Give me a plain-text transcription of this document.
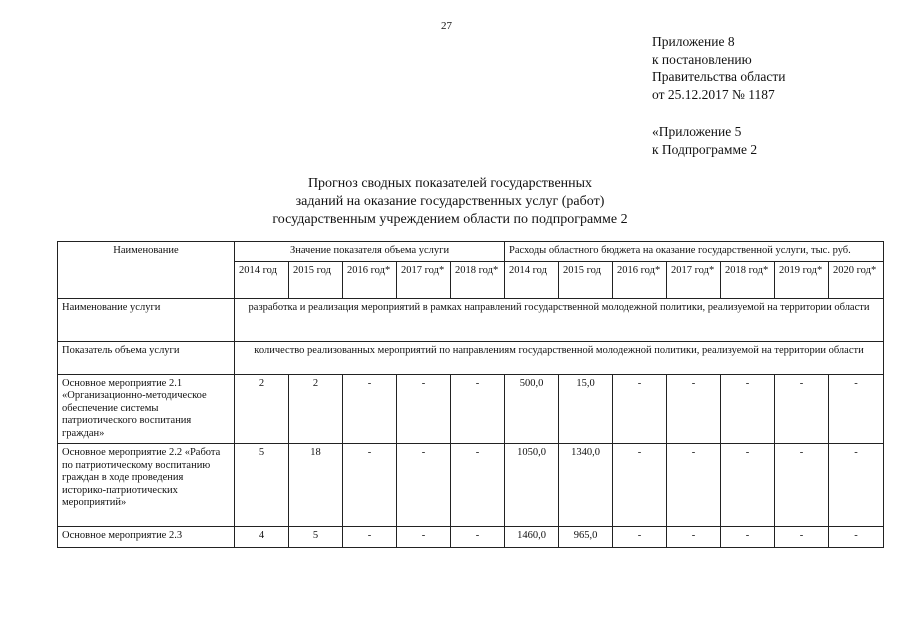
27
Приложение 8
к постановлению
Правительства области
от 25.12.2017 № 1187
«Приложение 5
к Подпрограмме 2
Прогноз сводных показателей государственных
заданий на оказание государственных услуг (работ)
государственным учреждением области по подпрограмме 2
Наименование	Значение показателя объема услуги					Расходы областного бюджета на оказание государственной услуги, тыс. руб.						
	2014 год	2015 год	2016 год*	2017 год*	2018 год*	2014 год	2015 год	2016 год*	2017 год*	2018 год*	2019 год*	2020 год*
Наименование услуги	разработка и реализация мероприятий в рамках направлений государственной молодежной политики, реализуемой на территории области											
Показатель объема услуги	количество реализованных мероприятий по направлениям государственной молодежной политики, реализуемой на территории области											
Основное мероприятие 2.1 «Организационно-методическое обеспечение системы патриотического воспитания граждан»	2	2	-	-	-	500,0	15,0	-	-	-	-	-
Основное мероприятие 2.2 «Работа по патриотическому воспитанию граждан в ходе проведения историко-патриотических мероприятий»	5	18	-	-	-	1050,0	1340,0	-	-	-	-	-
Основное мероприятие 2.3	4	5	-	-	-	1460,0	965,0	-	-	-	-	-
